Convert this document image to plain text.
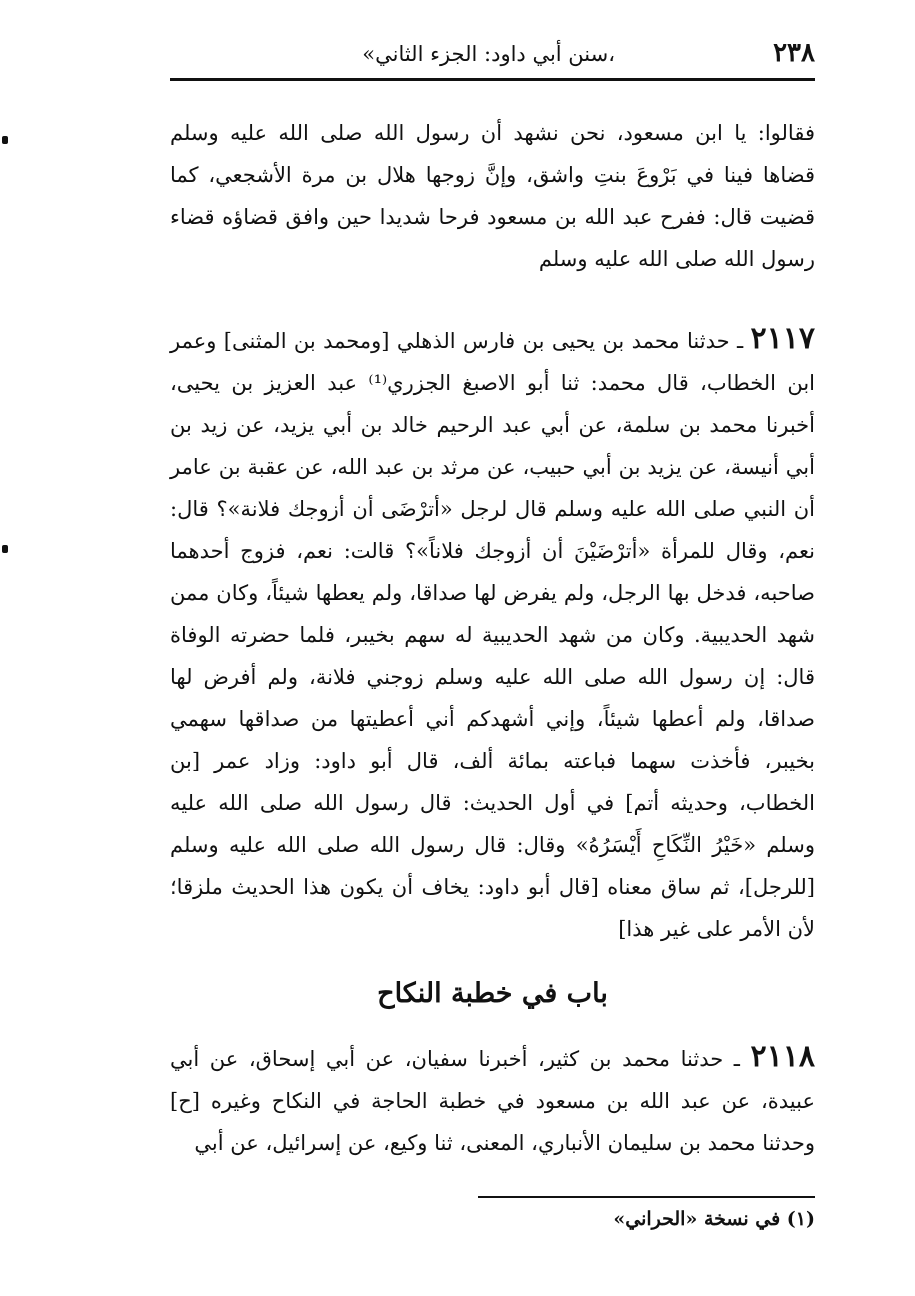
٢٣٨
،سنن أبي داود: الجزء الثاني»
فقالوا: يا ابن مسعود، نحن نشهد أن رسول الله صلى الله عليه وسلم قضاها فينا في بَرْوعَ بنتِ واشق، وإنَّ زوجها هلال بن مرة الأشجعي، كما قضيت قال: ففرح عبد الله بن مسعود فرحا شديدا حين وافق قضاؤه قضاء رسول الله صلى الله عليه وسلم
٢١١٧ ـ حدثنا محمد بن يحيى بن فارس الذهلي [ومحمد بن المثنى] وعمر ابن الخطاب، قال محمد: ثنا أبو الاصبغ الجزري⁽¹⁾ عبد العزيز بن يحيى، أخبرنا محمد بن سلمة، عن أبي عبد الرحيم خالد بن أبي يزيد، عن زيد بن أبي أنيسة، عن يزيد بن أبي حبيب، عن مرثد بن عبد الله، عن عقبة بن عامر أن النبي صلى الله عليه وسلم قال لرجل «أترْضَى أن أزوجك فلانة»؟ قال: نعم، وقال للمرأة «أترْضَيْنَ أن أزوجك فلاناً»؟ قالت: نعم، فزوج أحدهما صاحبه، فدخل بها الرجل، ولم يفرض لها صداقا، ولم يعطها شيئاً، وكان ممن شهد الحديبية. وكان من شهد الحديبية له سهم بخيبر، فلما حضرته الوفاة قال: إن رسول الله صلى الله عليه وسلم زوجني فلانة، ولم أفرض لها صداقا، ولم أعطها شيئاً، وإني أشهدكم أني أعطيتها من صداقها سهمي بخيبر، فأخذت سهما فباعته بمائة ألف، قال أبو داود: وزاد عمر [بن الخطاب، وحديثه أتم] في أول الحديث: قال رسول الله صلى الله عليه وسلم «خَيْرُ النِّكَاحِ أَيْسَرُهُ» وقال: قال رسول الله صلى الله عليه وسلم [للرجل]، ثم ساق معناه [قال أبو داود: يخاف أن يكون هذا الحديث ملزقا؛ لأن الأمر على غير هذا]
باب في خطبة النكاح
٢١١٨ ـ حدثنا محمد بن كثير، أخبرنا سفيان، عن أبي إسحاق، عن أبي عبيدة، عن عبد الله بن مسعود في خطبة الحاجة في النكاح وغيره [ح] وحدثنا محمد بن سليمان الأنباري، المعنى، ثنا وكيع، عن إسرائيل، عن أبي
(١) في نسخة «الحراني»
